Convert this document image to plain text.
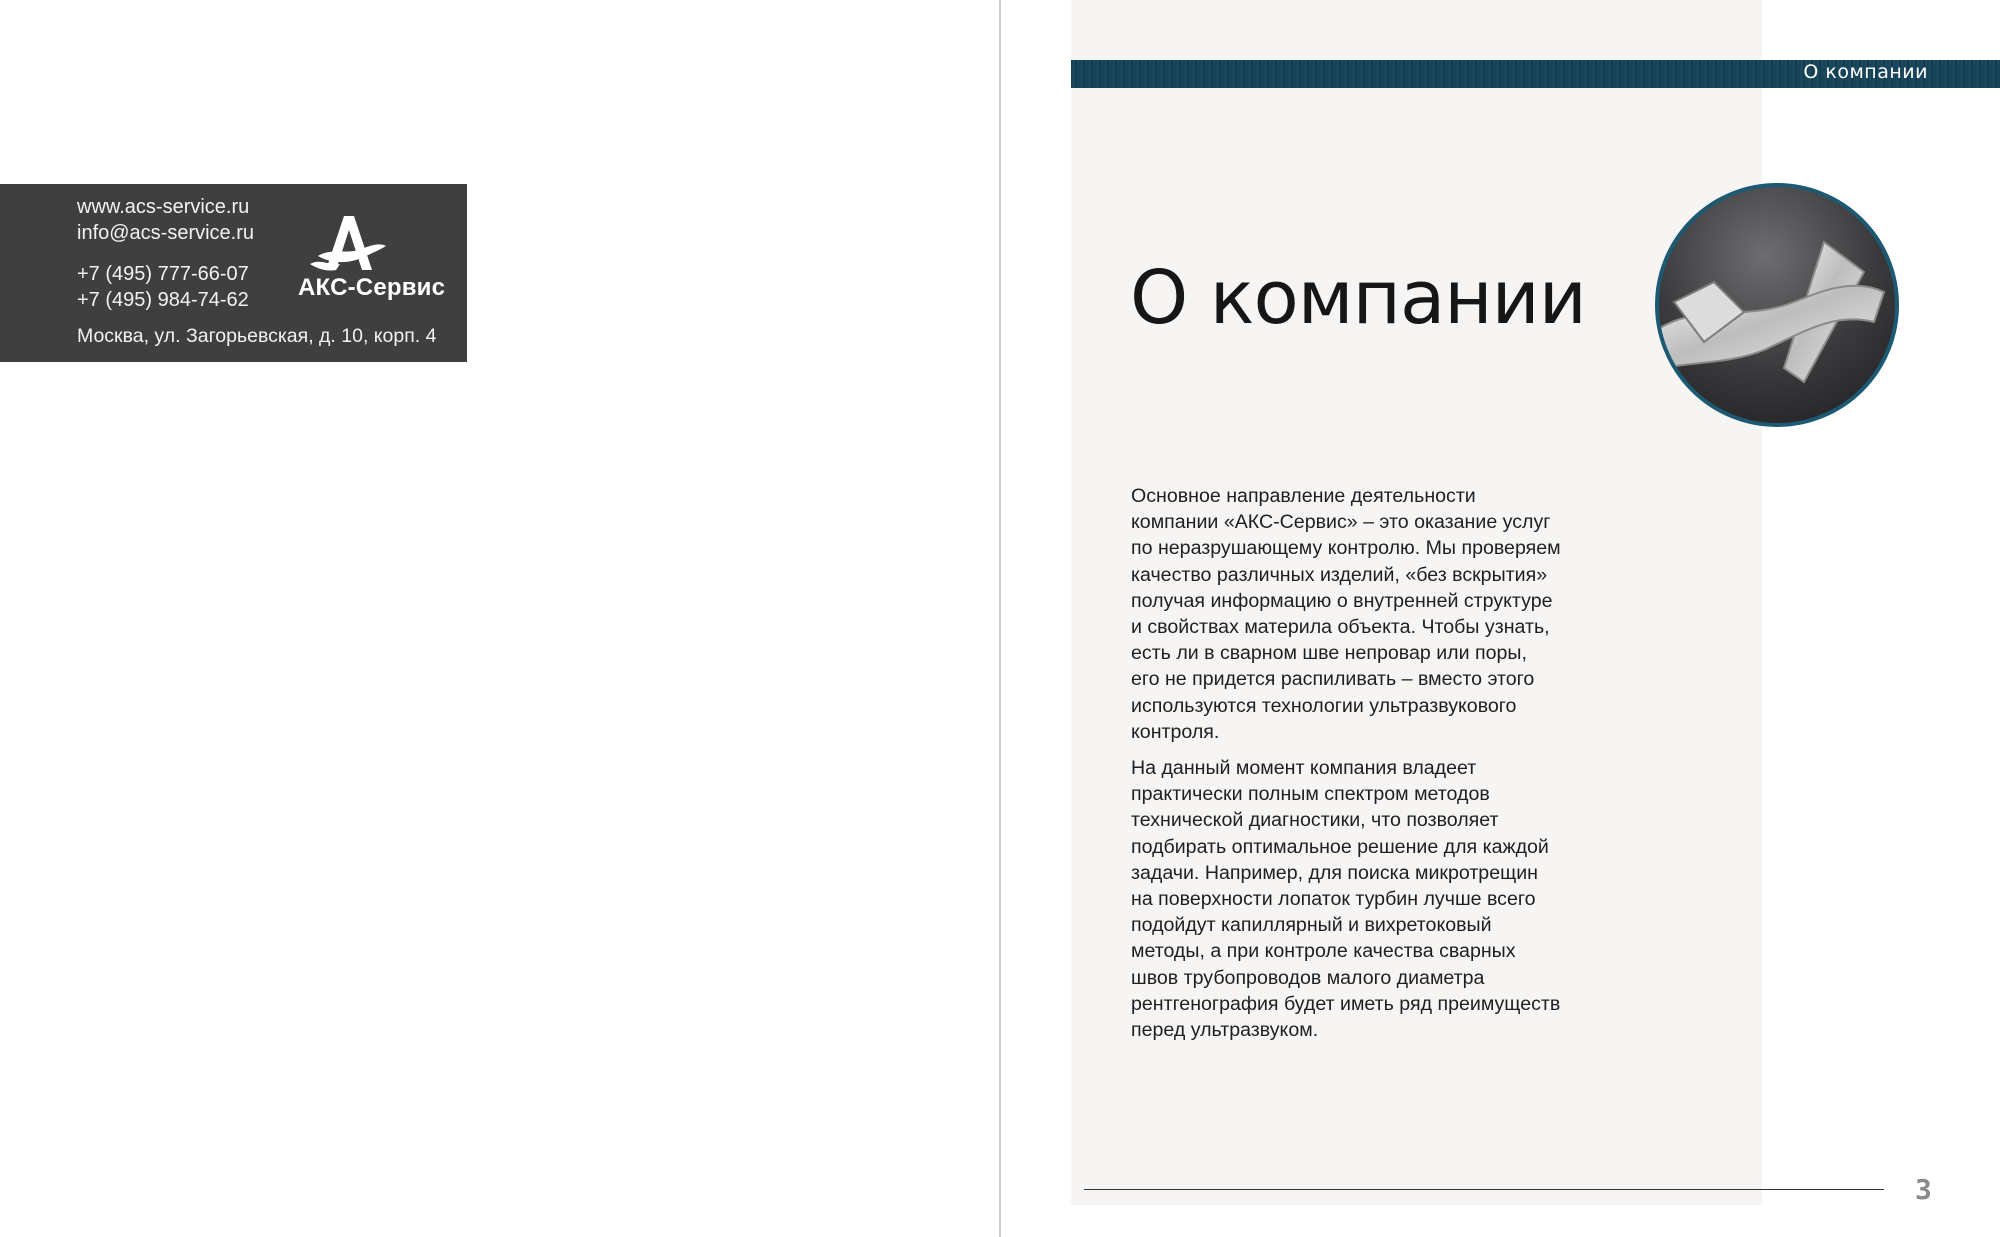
www.acs-service.ru
info@acs-service.ru
+7 (495) 777-66-07
+7 (495) 984-74-62
Москва, ул. Загорьевская, д. 10, корп. 4
АКС-Сервис
О компании
О компании

Основное направление деятельности
компании «АКС-Сервис» – это оказание услуг
по неразрушающему контролю. Мы проверяем
качество различных изделий, «без вскрытия»
получая информацию о внутренней структуре
и свойствах материла объекта. Чтобы узнать,
есть ли в сварном шве непровар или поры,
его не придется распиливать – вместо этого
используются технологии ультразвукового
контроля.

На данный момент компания владеет
практически полным спектром методов
технической диагностики, что позволяет
подбирать оптимальное решение для каждой
задачи. Например, для поиска микротрещин
на поверхности лопаток турбин лучше всего
подойдут капиллярный и вихретоковый
методы, а при контроле качества сварных
швов трубопроводов малого диаметра
рентгенография будет иметь ряд преимуществ
перед ультразвуком.

3
